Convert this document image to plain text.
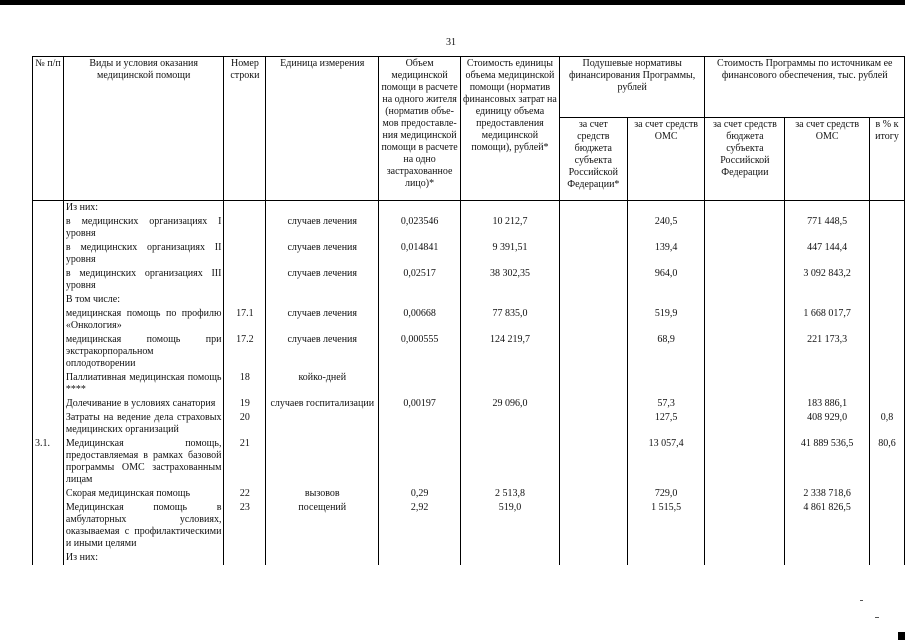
31
№ п/п	Виды и условия оказания медицинской помощи	Номер строки	Единица измерения	Объем медицинской помощи в расчете на одного жителя (норматив объе-мов предоставле-ния медицинской помощи в расчете на одно застрахованное лицо)*	Стоимость единицы объема медицинской помощи (норматив финансовых затрат на единицу объема предоставления медицинской помощи), рублей*	Подушевые нормативы финансирования Программы, рублей		Стоимость Программы по источникам ее финансового обеспечения, тыс. рублей		
						за счет средств бюджета субъекта Российской Федерации*	за счет средств ОМС	за счет средств бюджета субъекта Российской Федерации	за счет средств ОМС	в % к итогу
	Из них:									
	в медицинских организациях I уровня		случаев лечения	0,023546	10 212,7		240,5		771 448,5	
	в медицинских организациях II уровня		случаев лечения	0,014841	9 391,51		139,4		447 144,4	
	в медицинских организациях III уровня		случаев лечения	0,02517	38 302,35		964,0		3 092 843,2	
	В том числе:									
	медицинская помощь по профилю «Онкология»	17.1	случаев лечения	0,00668	77 835,0		519,9		1 668 017,7	
	медицинская помощь при экстракорпоральном оплодотворении	17.2	случаев лечения	0,000555	124 219,7		68,9		221 173,3	
	Паллиативная медицинская помощь ****	18	койко-дней							
	Долечивание в условиях санатория	19	случаев госпитализации	0,00197	29 096,0		57,3		183 886,1	
	Затраты на ведение дела страховых медицинских организаций	20					127,5		408 929,0	0,8
3.1.	Медицинская помощь, предоставляемая в рамках базовой программы ОМС застрахованным лицам	21					13 057,4		41 889 536,5	80,6
	Скорая медицинская помощь	22	вызовов	0,29	2 513,8		729,0		2 338 718,6	
	Медицинская помощь в амбулаторных условиях, оказываемая с профилактическими и иными целями	23	посещений	2,92	519,0		1 515,5		4 861 826,5	
	Из них:									
